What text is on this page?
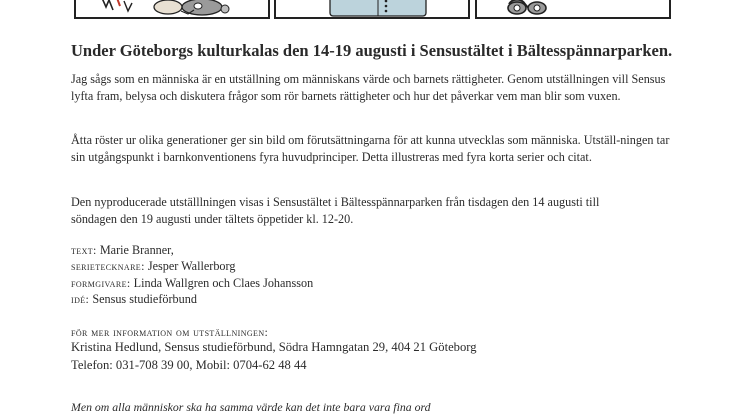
Under Göteborgs kulturkalas den 14-19 augusti i Sensustältet i Bältesspännarparken.

Jag sågs som en människa är en utställning om människans värde och barnets rättigheter. Genom utställningen vill Sensus lyfta fram, belysa och diskutera frågor som rör barnets rättigheter och hur det påverkar vem man blir som vuxen.

Åtta röster ur olika generationer ger sin bild om förutsättningarna för att kunna utvecklas som människa. Utställ-ningen tar sin utgångspunkt i barnkonventionens fyra huvudprinciper. Detta illustreras med fyra korta serier och citat.

Den nyproducerade utställlningen visas i Sensustältet i Bältesspännarparken från tisdagen den 14 augusti till söndagen den 19 augusti under tältets öppetider kl. 12-20.

text: Marie Branner,
serietecknare: Jesper Wallerborg
formgivare: Linda Wallgren och Claes Johansson
idé: Sensus studieförbund
för mer information om utställningen:
Kristina Hedlund, Sensus studieförbund, Södra Hamngatan 29, 404 21 Göteborg
Telefon: 031-708 39 00, Mobil: 0704-62 48 44
Men om alla människor ska ha samma värde kan det inte bara vara fina ord
